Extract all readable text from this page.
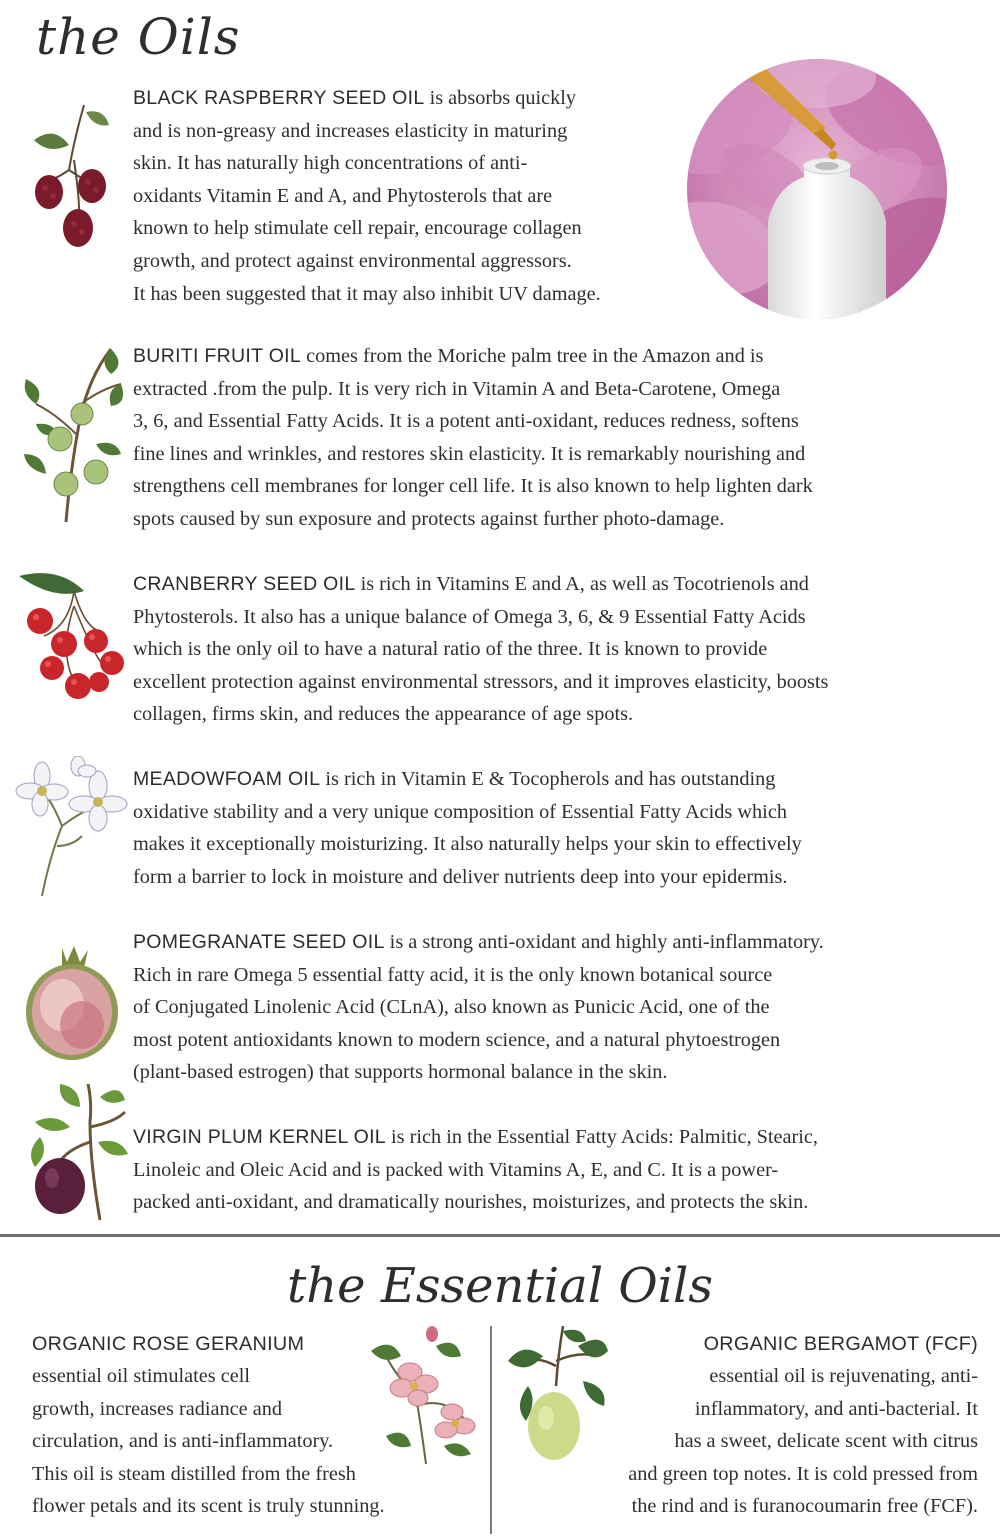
the Oils
BLACK RASPBERRY SEED OIL is absorbs quickly
and is non-greasy and increases elasticity in maturing
skin. It has naturally high concentrations of anti-
oxidants Vitamin E and A, and Phytosterols that are
known to help stimulate cell repair, encourage collagen
growth, and protect against environmental aggressors.
It has been suggested that it may also inhibit UV damage.
BURITI FRUIT OIL comes from the Moriche palm tree in the Amazon and is
extracted .from the pulp. It is very rich in Vitamin A and Beta-Carotene, Omega
3, 6, and Essential Fatty Acids. It is a potent anti-oxidant, reduces redness, softens
fine lines and wrinkles, and restores skin elasticity. It is remarkably nourishing and
strengthens cell membranes for longer cell life. It is also known to help lighten dark
spots caused by sun exposure and protects against further photo-damage.
CRANBERRY SEED OIL is rich in Vitamins E and A, as well as Tocotrienols and
Phytosterols. It also has a unique balance of Omega 3, 6, & 9 Essential Fatty Acids
which is the only oil to have a natural ratio of the three. It is known to provide
excellent protection against environmental stressors, and it improves elasticity, boosts
collagen, firms skin, and reduces the appearance of age spots.
MEADOWFOAM OIL is rich in Vitamin E & Tocopherols and has outstanding
oxidative stability and a very unique composition of Essential Fatty Acids which
makes it exceptionally moisturizing. It also naturally helps your skin to effectively
form a barrier to lock in moisture and deliver nutrients deep into your epidermis.
POMEGRANATE SEED OIL is a strong anti-oxidant and highly anti-inflammatory.
Rich in rare Omega 5 essential fatty acid, it is the only known botanical source
of Conjugated Linolenic Acid (CLnA), also known as Punicic Acid, one of the
most potent antioxidants known to modern science, and a natural phytoestrogen
(plant-based estrogen) that supports hormonal balance in the skin.
VIRGIN PLUM KERNEL OIL is rich in the Essential Fatty Acids: Palmitic, Stearic,
Linoleic and Oleic Acid and is packed with Vitamins A, E, and C. It is a power-
packed anti-oxidant, and dramatically nourishes, moisturizes, and protects the skin.
the Essential Oils
ORGANIC ROSE GERANIUM
essential oil stimulates cell
growth, increases radiance and
circulation, and is anti-inflammatory.
This oil is steam distilled from the fresh
flower petals and its scent is truly stunning.
ORGANIC BERGAMOT (FCF)
essential oil is rejuvenating, anti-
inflammatory, and anti-bacterial. It
has a sweet, delicate scent with citrus
and green top notes. It is cold pressed from
the rind and is furanocoumarin free (FCF).
